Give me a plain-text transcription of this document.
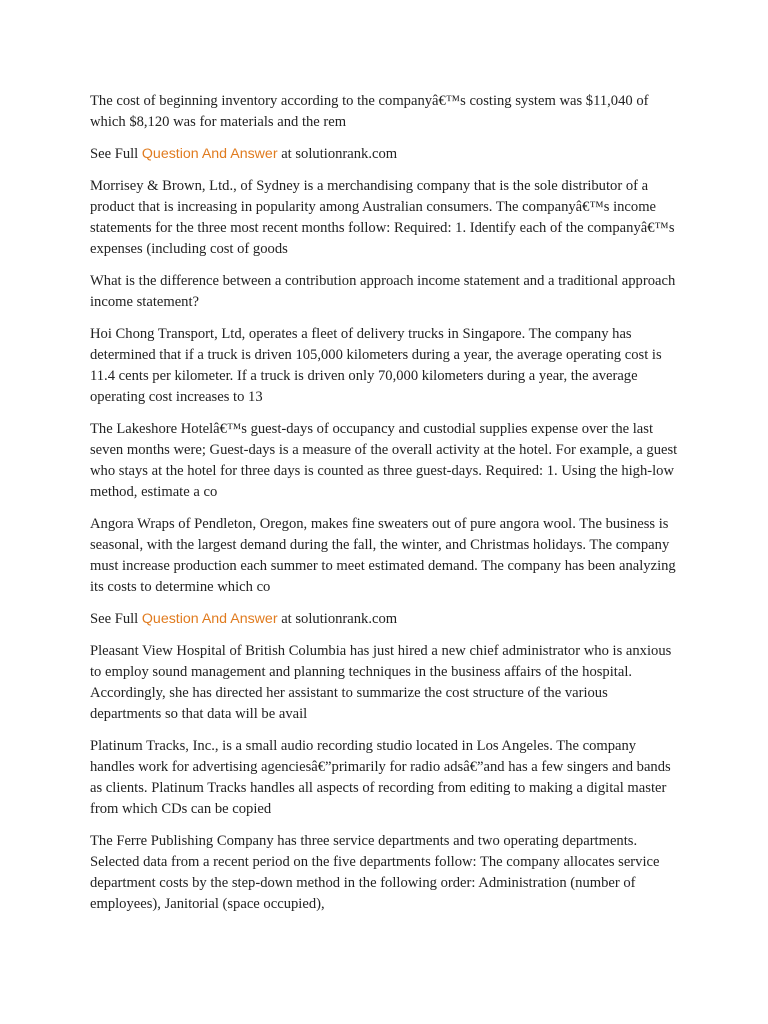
The cost of beginning inventory according to the companyâ€™s costing system was $11,040 of which $8,120 was for materials and the rem

See Full Question And Answer at solutionrank.com

Morrisey & Brown, Ltd., of Sydney is a merchandising company that is the sole distributor of a product that is increasing in popularity among Australian consumers. The companyâ€™s income statements for the three most recent months follow: Required: 1. Identify each of the companyâ€™s expenses (including cost of goods

What is the difference between a contribution approach income statement and a traditional approach income statement?

Hoi Chong Transport, Ltd, operates a fleet of delivery trucks in Singapore. The company has determined that if a truck is driven 105,000 kilometers during a year, the average operating cost is 11.4 cents per kilometer. If a truck is driven only 70,000 kilometers during a year, the average operating cost increases to 13

The Lakeshore Hotelâ€™s guest-days of occupancy and custodial supplies expense over the last seven months were; Guest-days is a measure of the overall activity at the hotel. For example, a guest who stays at the hotel for three days is counted as three guest-days. Required: 1. Using the high-low method, estimate a co

Angora Wraps of Pendleton, Oregon, makes fine sweaters out of pure angora wool. The business is seasonal, with the largest demand during the fall, the winter, and Christmas holidays. The company must increase production each summer to meet estimated demand. The company has been analyzing its costs to determine which co

See Full Question And Answer at solutionrank.com

Pleasant View Hospital of British Columbia has just hired a new chief administrator who is anxious to employ sound management and planning techniques in the business affairs of the hospital. Accordingly, she has directed her assistant to summarize the cost structure of the various departments so that data will be avail

Platinum Tracks, Inc., is a small audio recording studio located in Los Angeles. The company handles work for advertising agenciesâ€”primarily for radio adsâ€”and has a few singers and bands as clients. Platinum Tracks handles all aspects of recording from editing to making a digital master from which CDs can be copied

The Ferre Publishing Company has three service departments and two operating departments. Selected data from a recent period on the five departments follow: The company allocates service department costs by the step-down method in the following order: Administration (number of employees), Janitorial (space occupied),
